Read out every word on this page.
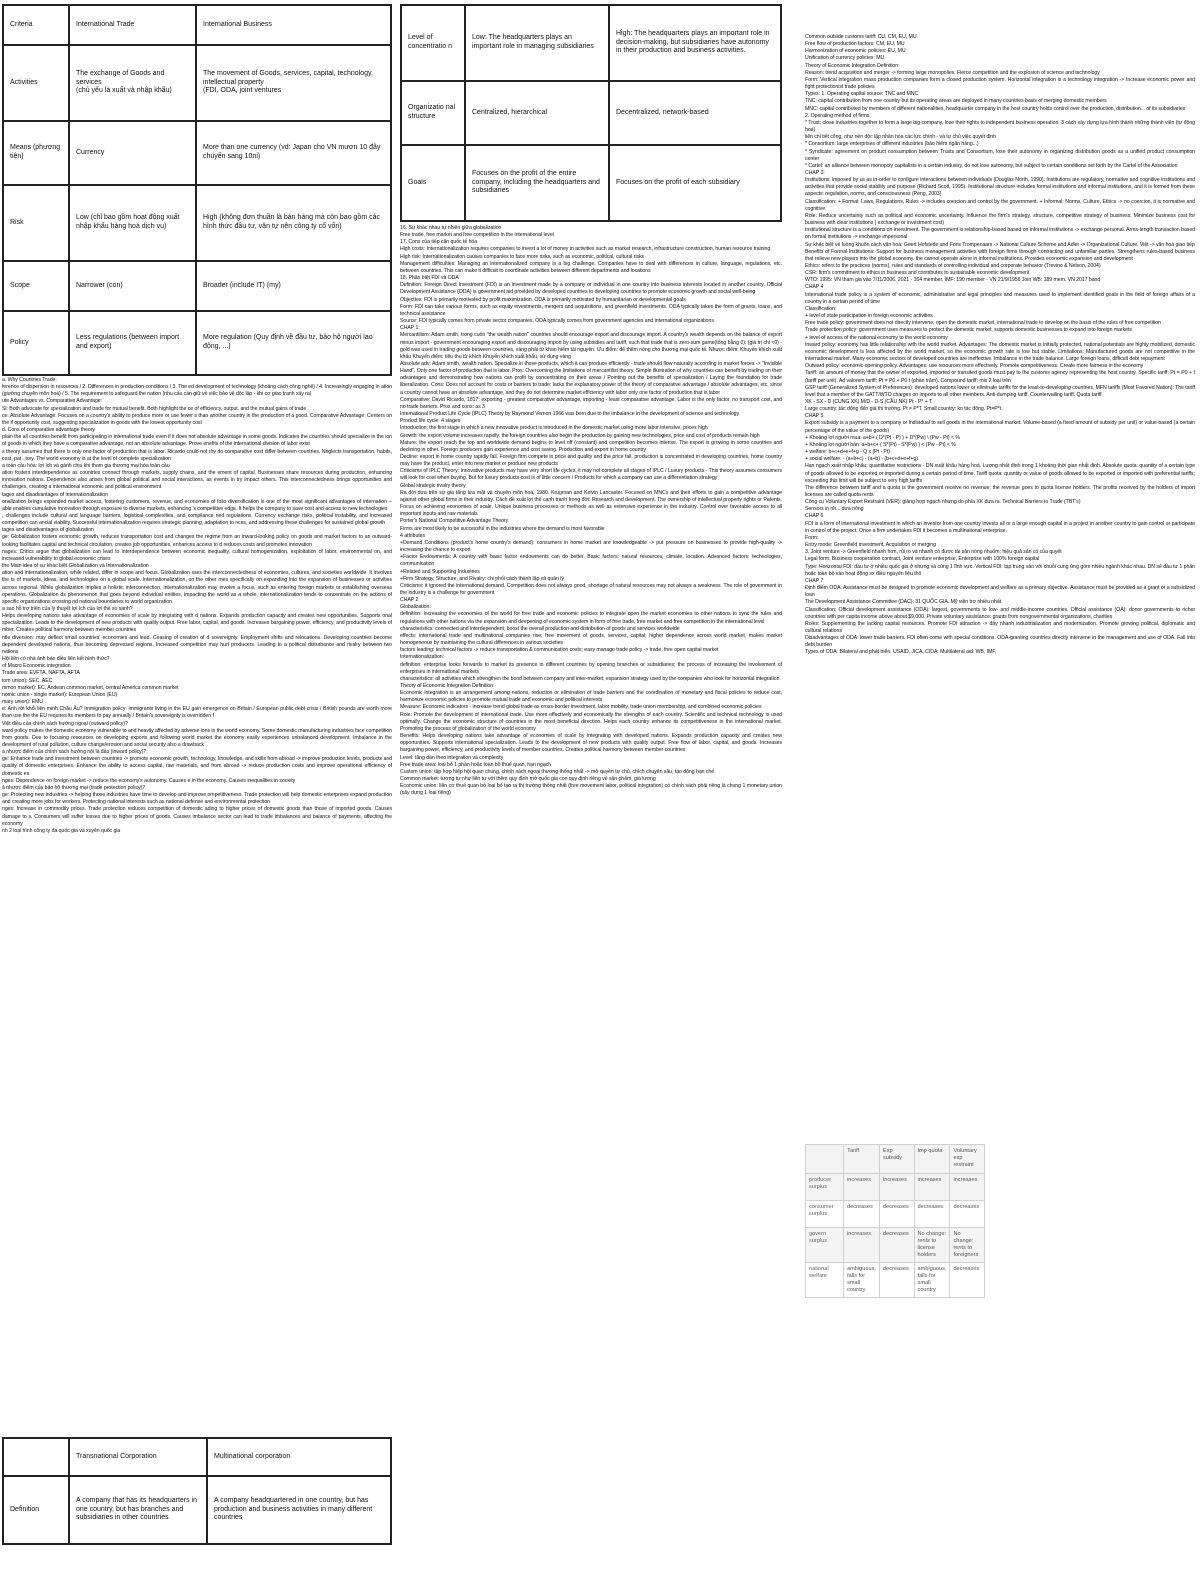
Criteria	International Trade	International Business
Activities	The exchange of Goods and services
(chủ yếu là xuất và nhập khẩu)	The movement of Goods, services, capital, technology, intellectual property
(FDI, ODA, joint ventures
Means (phương tiện)	Currency	More than one currency (vd: Japan cho VN mượn 10 đây chuyển sang 10ni)
Risk	Low (chỉ bao gồm hoạt động xuất nhập khẩu hàng hoá dịch vụ)	High (không đơn thuần là bán hàng mà còn bao gồm các hình thức đầu tư, vận tự nên công ty cổ vốn)
Scope	Narrower (con)	Broader (include IT) (my)
Policy	Less regulations (between import and export)	More regulation (Quy định về đầu tư, bảo hộ người lao động, ...)
a. Why Countries Trade:
ference of dispersion in resources / 2. Differences in production conditions / 3. The ed development of technology (khoảng cách công nghệ) / 4. Increasingly engaging in ation (giường chuyên môn hoá) / 5. The requirement to safeguard the nation (nhu cầu cần giữ về việc bảo vệ độc lập - khi cơ giao tranh xảy ra)
ute Advantages vs. Comparative Advantage:
Sl: Both advocate for specialization and trade for mutual benefit. Both highlight the ce of efficiency, output, and the mutual gains of trade
ce: Absolute Advantage: Focuses on a country's ability to produce more or use fewer s than another country in the production of a good. Comparative Advantage: Centers on the if opportunity cost, suggesting specialization in goods with the lowest opportunity cost
d. Cons of comparative advantage theory
plain the all countries benefit from participating in international trade even if it does not absolute advantage in some goods. Indicates the countries should specialize in the ion of goods in which they have a comparative advantage, not an absolute advantage. Prove enefits of the international division of labor exist
s theory assumes that there is only one factor of production that is labor. Ricardo could not rhy do comparative cost differ between countries. Neglects transportation, habits, cost, pat ..tory. The world economy is at the level of complete specialization
a toàn cầu hóa: lợi ích và gánh chịu khi tham gia thương mại hóa toàn cầu
ation fosters interdependence as countries connect through markets, supply chains, and the ement of capital. Businesses share resources during production, enhancing innovation nations. Dependence also arises from global political and social interactions, as events in try impact others. This interconnectedness brings opportunities and challenges, creating a international economic and political environment
tages and disadvantages of internationalization
onalization brings expanded market access, fostering customers, revenue, and economies of folio diversification is one of the most significant advantages of internation -- able enables cumulative innovation through exposure to diverse markets, enhancing 's competitive edge. It helps the company to save cost and access to new technologies
, challenges include cultural and language barriers, logistical complexities, and compliance ried regulations. Currency exchange risks, political instability, and increased competition can ancial viability. Successful internationalization requires strategic planning, adaptation to nces, and addressing these challenges for sustained global growth
tages and disadvantages of globalization
ge: Globalization fosters economic growth, reduces transportation cost and changes the regime from an inward-looking policy on goods and market factors to an outward-looking facilitates capital and technical circulation, creates job opportunities, enhances access to d reduces costs and promotes innovation
nages: Critics argue that globalization can lead to interdependence between economic inequality, cultural homogenization, exploitation of labor, environmental on, and increased vulnerability to global economic crises
the Main idea of sự khác biệt Globalization và Internationalization
ation and internationalization, while related, differ in scope and focus. Globalization sses the interconnectedness of economies, cultures, and societies worldwide. It involves the ts of markets, ideas, and technologies on a global scale. Internationalization, on the other mes specifically on expanding into the expansion of businesses or activities across regional. While globalization implies a holistic interconnection, internationalization may involve a focus, such as entering foreign markets or establishing overseas operations. Globalization ds phenomenon that goes beyond individual entities, impacting the world as a whole, internationalization tends to concentrate on the actions of specific organizations crossing nd national boundaries to world organization
a sao hỗ trợ triển của lý thuyết lợi ích của lợi thế so sánh?
Helps developing nations take advantage of economies of scale by integrating with d nations. Expands production capacity and creates new opportunities. Supports onal specialization. Leads to the development of new products with quality output. Free labor, capital, and goods. Increases bargaining power, efficiency, and productivity levels of mber. Creates political harmony between member countries
ntle diversion: may deflect small countries' economies and lead. Ceasing of creation of d sovereignty. Employment shifts and relocations. Developing countries become dependent developed nations, thus becoming depressed regions. Increased competition may hurt producers. Leading to a political disturbance and rivalry between two nations
Hội liên có nhà ảnh báo điều liên kết hình thức?
of Macro Economic integration
Trade area: EVFTA, NAFTA, AFTA
tom union): SEC, AEC
mmon market): EC, Andean common market, central America common market
nomic union - single market): European Union (EU)
mary union): EMU
e: Anh rời khỏi liên minh Châu Âu? Immigration policy: immigrants living in the EU gain emergence on Britain / European public debt crisis / British pounds are worth more than use the the EU requires its members to pay annually / Britain's sovereignty is overridden f
Việt điều của chính sách hướng ngoại (outward policy)?
ward policy makes the domestic economy vulnerable to and heavily affected by adverse ions in the world economy. Some domestic manufacturing industries face competition from goods. Due to focusing resources on developing exports and following world market the economy easily experiences unbalanced development. Imbalance in the development of rural pollution, culture change/erosion and social security also a drawback
à nhược điểm của chính sách hướng nội là đầu (inward policy)?
ge: Enhance trade and investment between countries -> promote economic growth, technology, knowledge, and skills from abroad -> improve production levels, products and quality of domestic enterprises. Enhance the ability to access capital, raw materials, and from abroad -> reduce production costs and improve operational efficiency of domestic es
nges: Dependence on foreign market -> reduce the economy's autonomy. Causes e in the economy. Causes inequalities in society
ả nhược điểm của bảo hộ thương mại (trade protection policy)?
ge: Protecting new industries -> helping those industries have time to develop and improve ompetitiveness. Trade protection will help domestic enterprises expand production and creating more jobs for workers. Protecting national interests such as national defense and environmental protection
nges: Increase in commodity prices. Trade protection reduces competition of domestic ading to higher prices of domestic goods than those of imported goods. Causes damage to s. Consumers will suffer losses due to higher prices of goods. Causes imbalance sector can lead to trade imbalances and balance of payments, affecting the economy
nh 2 loại hình công ty đa quốc gia và xuyên quốc gia
	Transnational Corporation	Multinational corporation
Definition	A company that has its headquarters in one country, but has branches and subsidiaries in other countries	A company headquartered in one country, but has production and business activities in many different countries
Level of concentratio n	Low: The headquarters plays an important role in managing subsidiaries	High: The headquarters plays an important role in decision-making, but subsidiaries have autonomy in their production and business activities.
Organizatio nal structure	Centralized, hierarchical	Decentralized, network-based
Goals	Focuses on the profit of the entire company, including the headquarters and subsidiaries	Focuses on the profit of each subsidiary
16. Sự khác nhau tự nhiên giữa globalization
Free trade, free market and free competition in the international level
17. Cons của tiếp cận quốc tế hóa
High costs: Internationalization requires companies to invest a lot of money in activities such as market research, infrastructure construction, human resource training.
High risk: Internationalization causes companies to face more risks, such as economic, political, cultural risks
Management difficulties: Managing an internationalized company is a big challenge. Companies have to deal with differences in culture, language, regulations, etc. between countries. This can make it difficult to coordinate activities between different departments and locations
18. Phân biệt FDI và ODA
Definition: Foreign Direct Investment (FDI) is an investment made by a company or individual in one country into business interests located in another country. Official Development Assistance (ODA) is government aid provided by developed countries to developing countries to promote economic growth and social well-being
Objective: FDI is primarily motivated by profit maximization. ODA is primarily motivated by humanitarian or developmental goals
Form: FDI can take various forms, such as equity investments, mergers and acquisitions, and greenfield investments. ODA typically takes the form of grants, loans, and technical assistance
Source: FDI typically comes from private sector companies. ODA typically comes from government agencies and international organizations
CHAP 1:
Mercantilism: Adam smith, trong cuốn "the wealth nation" countries should encourage export and discourage import. A country's wealth depends on the balance of export minus import - government encouraging export and discouraging import by using subsidies and tariff, such that trade that is zero-sum game(tổng bằng 0): (giá trị chi <0) - gold was used in trading goods between countries, vàng phải từ khan hiếm tài nguyên. Ưu điểm: để thêm nóng cho thương mại quốc tế. Nhược điểm: Khuyến khích xuất khẩu Khuyến điểm: tiêu thụ từ khích Khuyến khích xuất khẩu, sử dụng vàng
Absolute adv: Adam smith, wealth nation. Specialize in those products, which it can produce efficiently - trade should flow naturally according to market forces -> "Invisible Hand". Only one factor of production that is labor. Pros: Overcoming the limitations of mercantilist theory. Simple illustration of why countries can benefit by trading on their advantages and demonstrating how nations can profit by concentrating on their areas / Pointing out the benefits of specialization / Laying the foundation for trade liberalization. Cons: Does not account for costs or barriers to trade; lacks the explanatory power of the theory of comparative advantage / absolute advantages, etc. since a country cannot have an absolute advantage, and they do not determine market efficiency with labor only one factor of production that is labor
Comparative: David Ricardo, 1817: exporting - greatest comparative advantage, importing - least comparative advantage. Labor is the only factor, no transport cost, and no trade barriers. Pros and cons: as 3
International Product Life Cycle (IPLC) Theory by Raymond Vernon 1966 was born due to the imbalance in the development of science and technology
Product life cycle: 4 stages
Introduction: the first stage in which a new innovative product is introduced in the domestic market using more labor intensive, prices high
Growth: the export volume increases rapidly, the foreign countries also begin the production by gaining new technologies, price and cost of products remain high
Mature: the export reach the top and worldwide demand begins to level off (constant) and competition becomes intense. The export is growing in some countries and declining in other. Foreign producers gain experience and cost saving. Production and export in home country
Decline: export in home country rapidly fall. Foreign firm compete in price and quality and the price fall. production is concentrated in developing countries, home country may have the product, enter into new market or produce new products
Criticisms of IPLC Theory: Innovative products may have very short life cycles, it may not complete all stages of IPLC / Luxury products - This theory assumes consumers will look for cost when buying. But for luxury products cost is of little concern / Products for which a company can use a differentiation strategy
Global strategic rivalry theory
Ra đời dựa trên sự gia tăng lựa mặt và chuyên môn hoá, 1980. Krugman and Kelvin Lancaster. Focused on MNCs and their efforts to gain a competitive advantage against other global firms in their industry. Cách đề xuất lợi thế cạnh tranh trong đời: Research and development. The ownership of intellectual property rights or Patents. Focus on achieving economies of scale. Unique business processes or methods as well as extensive experience in the industry. Control over favorable access to all important inputs and raw materials
Porter's National Competitive Advantage Theory
Firms are most likely to be successful in the industries where the demand is most favorable
4 attributes
+Demand Conditions (product's home country's demand): consumers in home market are knowledgeable -> put pressure on businesses to provide high-quality -> increasing the chance to export
+Factor Endowments: A country with basic factor endowments can do better. Basic factors: natural resources, climate, location. Advanced factors: technologies, communication
+Related and Supporting Industries
+Firm Strategy, Structure, and Rivalry: chi phối cách thành lập và quản lý
Criticisms: it ignored the international demand. Competition does not always good, shortage of natural resources may not always a weakness. The role of government in the industry is a challenge for government
CHAP 2
Globalization:
definition: increasing the economies of the world for free trade and economic policies to integrate open the market economies to other nations to sync the rules and regulations with other nations via the expansion and deepening of economic system in form of free trade, free market and free competition in the international level
characteristics: connected and interdependent; boost the overall production and distribution of goods and services worldwide
effects: international trade and multinational companies rise; free movement of goods, services, capital; higher dependence across world market; makes market homogeneous by maintaining the cultural differences in various societies
factors leading: technical factors -> reduce transportation & communication costs; easy manage trade policy -> trade, free open capital market
Internationalization:
definition: enterprise looks forwards to market its presence in different countries by opening branches or subsidiaries; the process of increasing the involvement of enterprises in international markets
characteristics: all activities which strengthen the bond between company and inter-market; expansion strategy used by the companies who look for horizontal integration
Theory of Economic Integration Definition:
Economic integration is an arrangement among nations, reduction or elimination of trade barriers and the coordination of monetary and fiscal policies to reduce cost, harmonize economic policies to promote mutual trade and economic and political interests
Measure: Economic indicators - increase trend global trade as cross-border investment, labor mobility, trade union membership, and combined economic policies
Role: Promote the development of international trade. Use more effectively and economically the strengths of each country. Scientific and technical technology is used optimally. Change the economic structure of countries in the most beneficial direction. Helps each country enhance its competitiveness in the international market. Promoting the process of globalization of the world economy
Benefits: Helps developing nations take advantage of economies of scale by integrating with developed nations. Expands production capacity and creates new opportunities. Supports international specialization. Leads to the development of new products with quality output. Free flow of labor, capital, and goods. Increases bargaining power, efficiency, and productivity levels of member countries. Creates political harmony between member countries
Level: tăng dần theo integration và complexity
Free trade area: loại bỏ 1 phần hoặc toàn bộ thuế quan, hạn ngạch
Custom union: tập hợp hiệp hội quan chung, chính sách ngoại thương thống nhất -> mở quyền tự chủ, chích chuyên sâu, tạo động hạn chế
Common market: tương tự như liên tự với thêm quy định mở quốc gia con quy định riêng về sản phẩm, giá lương
Economic union: liên cơ thuế quan bỏ loại bỏ tạo ra thị trường thống nhất (free movement labor, political integration) có chính sách phải riêng là chung 1 monetary union (xây dựng 1 loại riêng)
Common outside customs tariff: CU, CM, EU, MU
Free flow of production factors: CM, EU, MU
Harmonization of economic policies: EU, MU
Unification of currency policies: MU
Theory of Economic Integration Definition:
Reason: trend acquisition and merger -> forming large monopolies. Fierce competition and the explosion of science and technology
Form: Vertical integration mass production companies form a closed production system. Horizontal integration is a technology integration -> Increase economic power and fight protectionist trade policies
Types: 1. Operating capital source: TNC and MNC
TNC: capital contribution from one country but its operating areas are deployed in many countries basis of merging domestic members
MNC: capital contributed by members of different nationalities, headquarter company in the host country holds control over the production, distribution... of its subsidiaries
2. Operating method of firms
* Trust: close industries together to form a large big company, lose their rights to independent business operation. 3 cách xây dựng lựa hình thành những thành viên (tự động hoá)
liên chỉ tiết công, như nền độc lập nhân hóa các lực chính - và tự chủ việc quyết định
* Consortium: large enterprises of different industries (bảo hiểm ngân hàng...)
* Syndicate: agreement on product consumption between Trusts and Consortium, lose their autonomy in organizing distribution goods as a unified product consumption center
* Cartel: an alliance between monopoly capitalists in a certain industry, do not lose autonomy, but subject to certain conditions set forth by the Cartel of the Association
CHAP 3:
Institutions: imposed by us as in-order to configure interactions between individuals (Douglas North, 1990). Institutions are regulatory, normative and cognitive institutions and activities that provide social stability and purpose (Richard Scott, 1995). Institutional structure includes formal institutions and informal institutions, and it is formed from these aspects: regulation, norms, and consciousness (Peng, 2003)
Classification: + Formal: Laws, Regulations, Rules -> includes coercion and control by the government. + Informal: Norms, Culture, Ethics -> no coercion, it is normative and cognitive
Role: Reduce uncertainty such as political and economic uncertainty. Influence the firm's strategy. structure, competitive strategy of business. Minimize business cost for business with clear institutions ( exchange or investment cost)
Institutional structure is a conditions on investment. The government is relationship-based based on informal institutions -> exchange personal. Arms-length transaction based on formal institutions -> exchange impersonal
Sự khác biệt về luồng khuôn cách văn hoá: Geert Hofstede and Fons Trompenaars -> National Culture Scheme and Adler -> Organizational Culture. Việt -> văn hoá giao tiếp
Benefits of Formal Institutions: Support for business management activities with foreign firms through contracting and unfamiliar parties. Strengthens rules-based business that relieve new players into the global economy. the cannot operate alone in informal institutions. Provides economic expansion and development
Ethics: refers to the practices (norms), rules and standards of controlling individual and corporate behavior (Trevino & Nelson, 2004)
CSR: firm's commitment to ethics in business and contributes to sustainable economic development
WTO: 1995: VN tham gia vào 7/11/2006. 2021 - 164 member. IMF: 190 member - VN 21/9/1956 Join WB: 189 mem. VN 2017 band
CHAP 4
International trade policy is a system of economic, administrative and legal principles and measures used to implement identified goals in the field of foreign affairs of a country in a certain period of time
Classification:
+ level of state participation in foreign economic activities
Free trade policy: government does not directly intervene, open the domestic market, international trade to develop on the basis of the rules of free competition
Trade protection policy: government uses measures to protect the domestic market, supports domestic businesses to expand into foreign markets
+ level of access of the national economy to the world economy
Inward policy: economy has little relationship with the world market. Advantages: The domestic market is initially protected, national potentials are highly mobilized, domestic economic development is less affected by the world market, so the economic growth rate is low but stable. Limitations: Manufactured goods are not competitive in the international market. Many economic sectors of developed countries are ineffective. Imbalance in the trade balance. Large foreign loans, difficult debt repayment
Outward policy: economic opening policy. Advantages: use resources more effectively. Promote competitiveness. Create more fairness in the economy
Tariff: an amount of money that the owner of exported, imported or transited goods must pay to the customs agency representing the host country. Specific tariff: Pt = P0 + t (tariff per unit). Ad valorem tariff: Pt = P0 + P0 t (phần trăm). Compound tariff: mix 2 loại trên
GSP tariff (Generalized System of Preferences): developed nations lower or eliminate tariffs for the least-to-developing countries. MFN tariffs (Most Favored Nation): The tariff level that a member of the GATT/WTO charges on imports to all other members. Anti-dumping tariff. Countervailing tariff. Quota tariff
XK - SX - D (CUNG XK) M/D - D-S (CẦU NK) Pt - P* + T
Large country: tác động đến giá thị trường. Pt ≠ P*T. Small country: ko tác động. Pt=P*t
CHAP 5
Export subsidy is a payment to a company or individual to sell goods in the international market. Volume-based (a fixed amount of subsidy per unit) or value-based (a certain percentage of the value of the goods)
+ Khoảng lợi người mua: a+b+ ( D*(Pt - P) ) + D*(Pw) \ (Pw - Pt) < %
+ Khoảng lợi người bán: a+b+c+ ( S*(Pt) - S*(Pw) ) < (Pw - Pt) < %
+ welfare: b+c+d+e+f+g - Q x (Pt - Pt)
+ social welfare: - (a+b+c) - (a+b) - (b+c+d+e+f+g)
Hạn ngạch xuất nhập khẩu: quantitative restrictions - DN xuất khẩu hàng hoá. Lượng nhất định trong 1 khoảng thời gian nhất định. Absolute quota: quantity of a certain type of goods allowed to be exported or imported during a certain period of time. Tariff quota: quantity or value of goods allowed to be exported or imported with preferential tariffs; exceeding this limit will be subject to very high tariffs
The difference between tariff and a quota is the government receive no revenue; the revenue goes to quota license holders. The profits received by the holders of import licenses are called quota rents
Công cụ Voluntary Export Restraint (VER): giảng hợp ngạch nhưng do phía XK đưa ra. Technical Barriers to Trade (TBT's)
Sensors in nh... dưa nông
CHAP 6
FDI is a form of international investment in which an investor from one country invests all or a large enough capital in a project in another country to gain control or participate in control of the project. Once a firm undertakes FDI it becomes a multinational enterprise.
Form:
Entry mode: Greenfield investment, Acquisition or merging
3. Joint venture -> Greenfield nhanh hơn, rủi ro và nhanh có được tài sản nòng nhuốm; hiệu quả sản có của quyết
Legal form: Business cooperation contract, Joint venture enterprise, Enterprise with 100% foreign capital
Type: Horizontal FDI: đầu tư ở nhiều quốc gia ở nhưng và cùng 1 lĩnh vực. Vertical FDI: tạp trung vào với chuỗi cung ứng gồm nhiều ngành khác nhau. DN sẽ đầu tư 1 phần hoặc toàn bộ vào hoạt động sx điều nguyên liệu thô
CHAP 7
Định điểm ODA: Assistance must be designed to promote economic development and welfare as a primary objective. Assistance must be provided as a grant or a subsidized loan
The Development Assistance Committee (DAC): 31 QUỐC GIA. Mỹ viện trợ nhiều nhất
Classification: Official development assistance (ODA): largest, governments to low- and middle-income countries. Official assistance (OA): donor governments to richer countries with per capita income above about $9,000. Private voluntary assistance: grants from nongovernmental organizations, charities
Roles: Supplementing the lacking capital resources. Promote FDI attraction -> đẩy nhanh industrialization and modernization. Promote growing political, diplomatic and cultural relations
Disadvantages of ODA: lower trade barriers. FDI often come with special conditions. ODA-granting countries directly intervene in the management and use of ODA. Fall into debt burden
Types of ODA: Bilateral and phát triển. USAID, JICA, CIDA. Multilateral aid: WB, IMF,
	Tariff	Exp subsidy	Imp quota	Voluntary exp restraint
producer surplus	increases	increases	increases	increases
consumer surplus	decreases	decreases	decreases	decreases
govern surplus	increases	decreases	No change: rents to license holders	No change: rents to foreigners
national welfare	ambiguous, falls for small country	decreases	ambiguous, falls for small country	decreases
